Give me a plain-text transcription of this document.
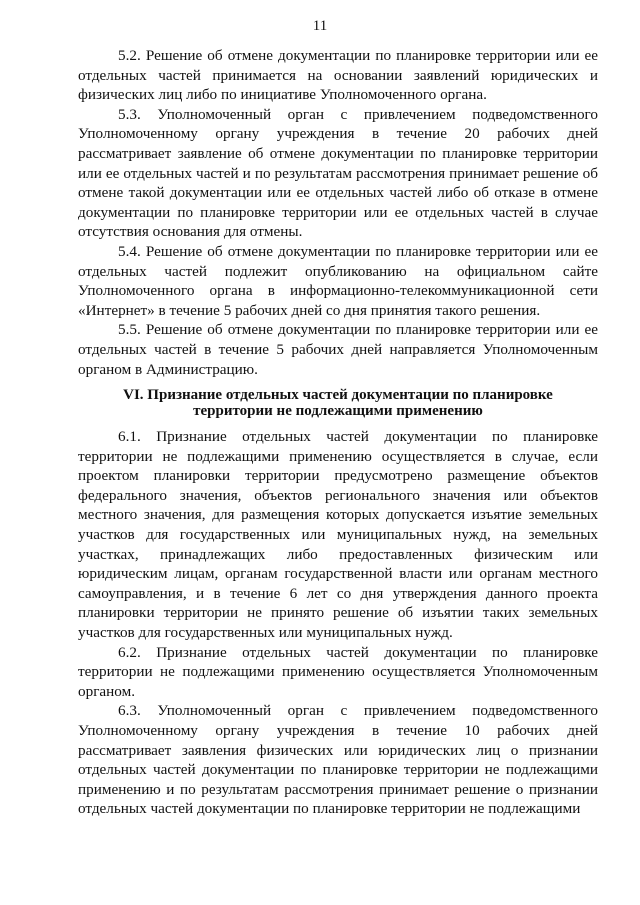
11

5.2. Решение об отмене документации по планировке территории или ее отдельных частей принимается на основании заявлений юридических и физических лиц либо по инициативе Уполномоченного органа.

5.3. Уполномоченный орган с привлечением подведомственного Уполномоченному органу учреждения в течение 20 рабочих дней рассматривает заявление об отмене документации по планировке территории или ее отдельных частей и по результатам рассмотрения принимает решение об отмене такой документации или ее отдельных частей либо об отказе в отмене документации по планировке территории или ее отдельных частей в случае отсутствия основания для отмены.

5.4. Решение об отмене документации по планировке территории или ее отдельных частей подлежит опубликованию на официальном сайте Уполномоченного органа в информационно-телекоммуникационной сети «Интернет» в течение 5 рабочих дней со дня принятия такого решения.

5.5. Решение об отмене документации по планировке территории или ее отдельных частей в течение 5 рабочих дней направляется Уполномоченным органом в Администрацию.

VI. Признание отдельных частей документации по планировке
территории не подлежащими применению

6.1. Признание отдельных частей документации по планировке территории не подлежащими применению осуществляется в случае, если проектом планировки территории предусмотрено размещение объектов федерального значения, объектов регионального значения или объектов местного значения, для размещения которых допускается изъятие земельных участков для государственных или муниципальных нужд, на земельных участках, принадлежащих либо предоставленных физическим или юридическим лицам, органам государственной власти или органам местного самоуправления, и в течение 6 лет со дня утверждения данного проекта планировки территории не принято решение об изъятии таких земельных участков для государственных или муниципальных нужд.

6.2. Признание отдельных частей документации по планировке территории не подлежащими применению осуществляется Уполномоченным органом.

6.3. Уполномоченный орган с привлечением подведомственного Уполномоченному органу учреждения в течение 10 рабочих дней рассматривает заявления физических или юридических лиц о признании отдельных частей документации по планировке территории не подлежащими применению и по результатам рассмотрения принимает решение о признании отдельных частей документации по планировке территории не подлежащими
